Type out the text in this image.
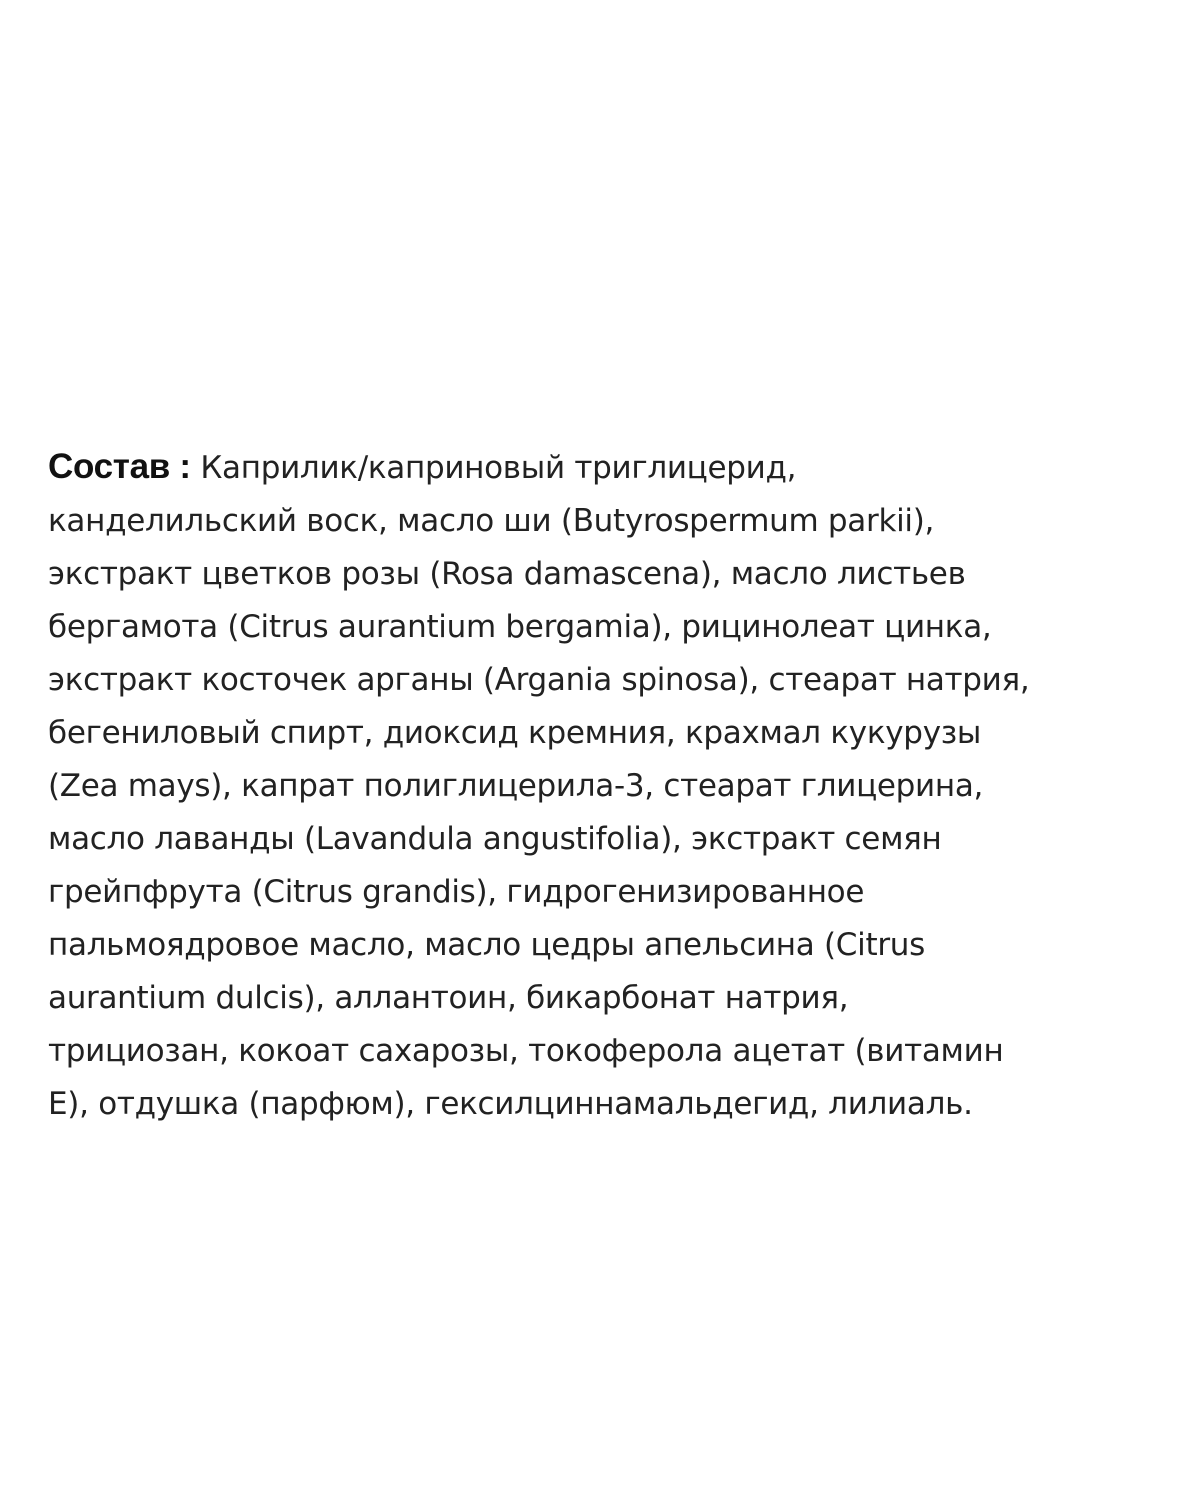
Состав : Каприлик/каприновый триглицерид,
канделильский воск, масло ши (Butyrospermum parkii),
экстракт цветков розы (Rosa damascena), масло листьев
бергамота (Citrus aurantium bergamia), рицинолеат цинка,
экстракт косточек арганы (Argania spinosa), стеарат натрия,
бегениловый спирт, диоксид кремния, крахмал кукурузы
(Zea mays), капрат полиглицерила-3, стеарат глицерина,
масло лаванды (Lavandula angustifolia), экстракт семян
грейпфрута (Citrus grandis), гидрогенизированное
пальмоядровое масло, масло цедры апельсина (Citrus
aurantium dulcis), аллантоин, бикарбонат натрия,
трициозан, кокоат сахарозы, токоферола ацетат (витамин
E), отдушка (парфюм), гексилциннамальдегид, лилиаль.
